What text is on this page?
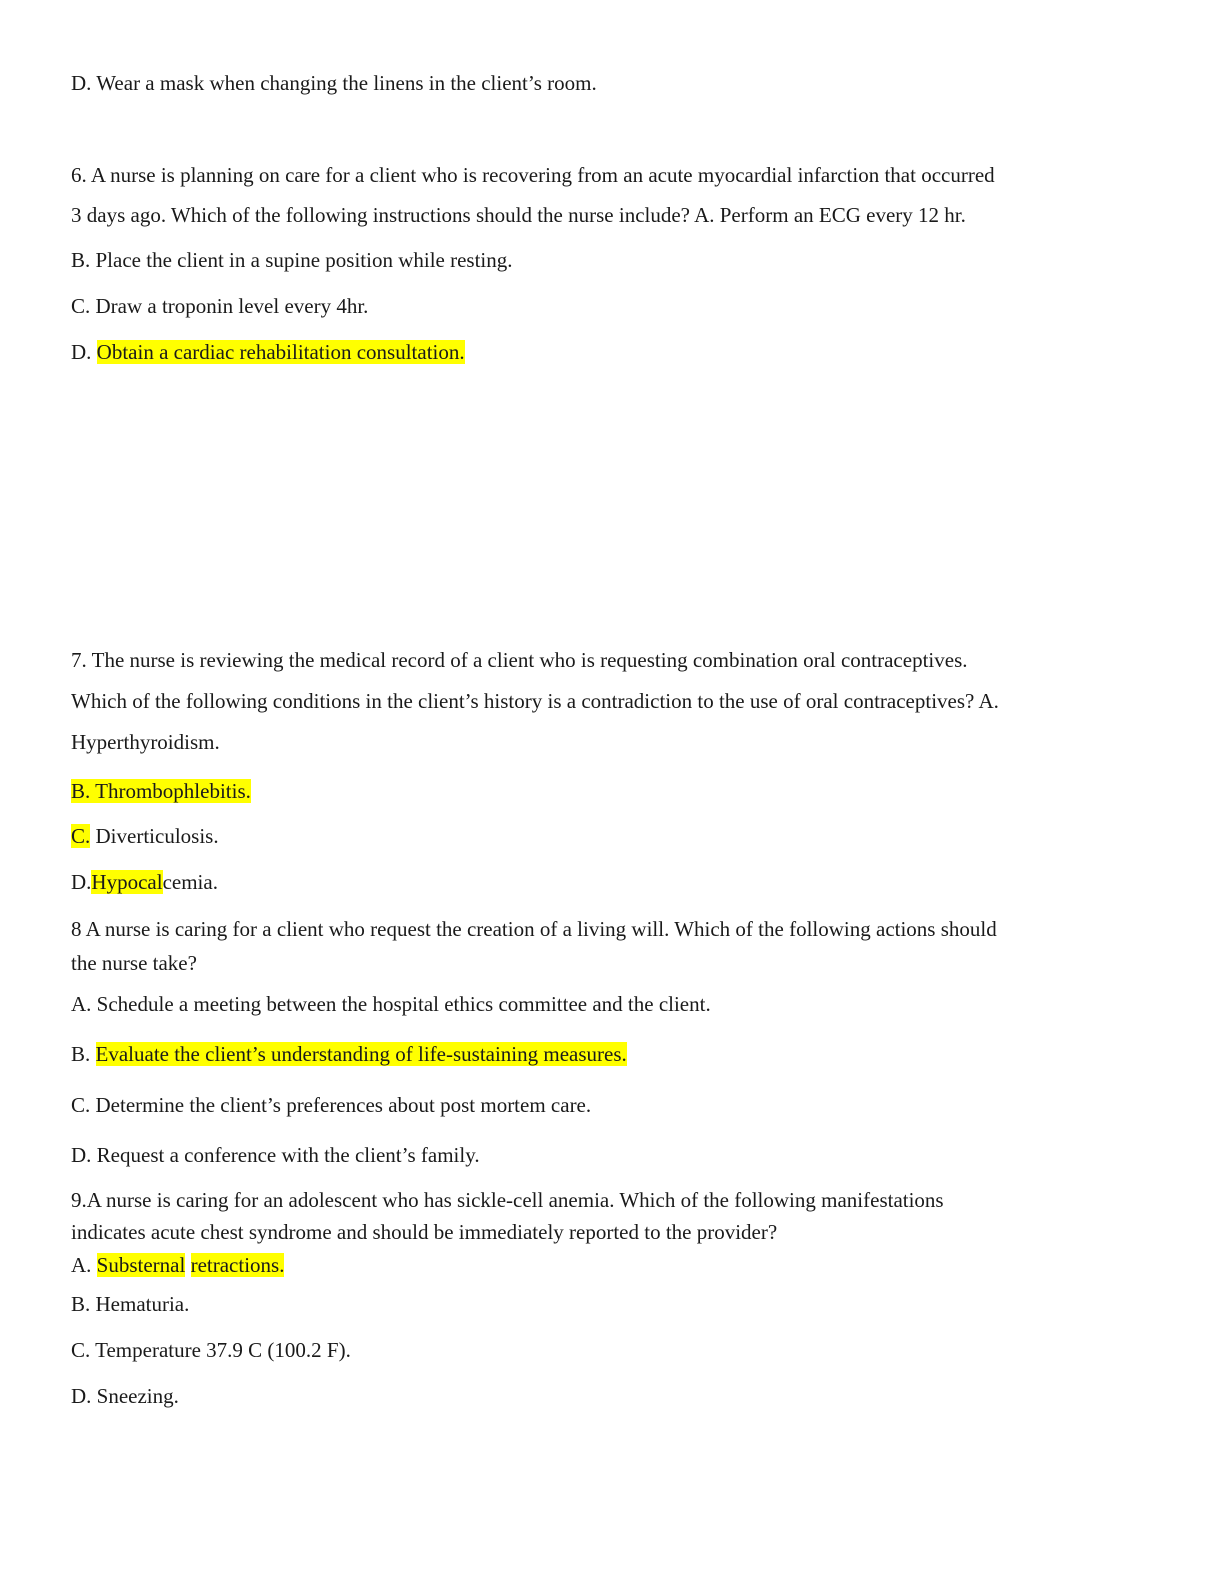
D. Wear a mask when changing the linens in the client’s room.
6. A nurse is planning on care for a client who is recovering from an acute myocardial infarction that occurred
3 days ago. Which of the following instructions should the nurse include? A. Perform an ECG every 12 hr.
B. Place the client in a supine position while resting.
C. Draw a troponin level every 4hr.
D. Obtain a cardiac rehabilitation consultation.
7. The nurse is reviewing the medical record of a client who is requesting combination oral contraceptives.
Which of the following conditions in the client’s history is a contradiction to the use of oral contraceptives? A.
Hyperthyroidism.
B. Thrombophlebitis.
C. Diverticulosis.
D.Hypocalcemia.
8 A nurse is caring for a client who request the creation of a living will. Which of the following actions should
the nurse take?
A. Schedule a meeting between the hospital ethics committee and the client.
B. Evaluate the client’s understanding of life-sustaining measures.
C. Determine the client’s preferences about post mortem care.
D. Request a conference with the client’s family.
9.A nurse is caring for an adolescent who has sickle-cell anemia. Which of the following manifestations
indicates acute chest syndrome and should be immediately reported to the provider?
A. Substernal retractions.
B. Hematuria.
C. Temperature 37.9 C (100.2 F).
D. Sneezing.
